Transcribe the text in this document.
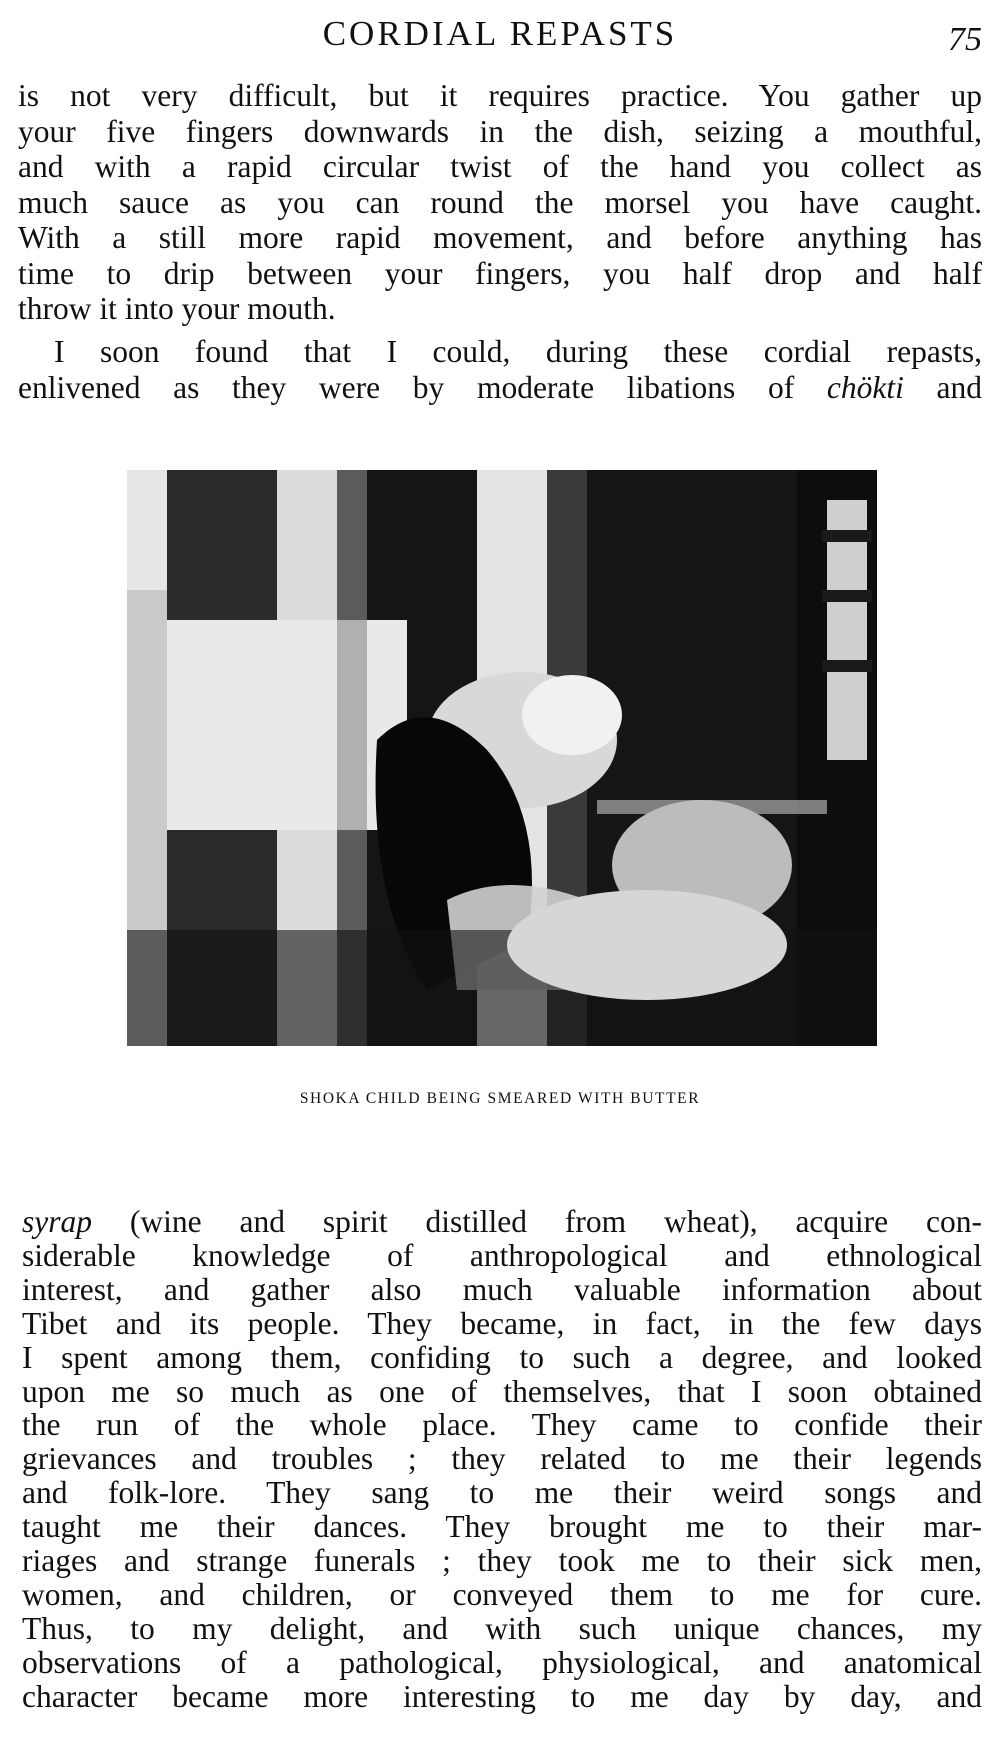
CORDIAL REPASTS	75
is not very difficult, but it requires practice. You gather up
your five fingers downwards in the dish, seizing a mouthful,
and with a rapid circular twist of the hand you collect as
much sauce as you can round the morsel you have caught.
With a still more rapid movement, and before anything has
time to drip between your fingers, you half drop and half
throw it into your mouth.
I soon found that I could, during these cordial repasts,
enlivened as they were by moderate libations of chökti and
SHOKA CHILD BEING SMEARED WITH BUTTER
syrap (wine and spirit distilled from wheat), acquire con-
siderable knowledge of anthropological and ethnological
interest, and gather also much valuable information about
Tibet and its people. They became, in fact, in the few days
I spent among them, confiding to such a degree, and looked
upon me so much as one of themselves, that I soon obtained
the run of the whole place. They came to confide their
grievances and troubles ; they related to me their legends
and folk-lore. They sang to me their weird songs and
taught me their dances. They brought me to their mar-
riages and strange funerals ; they took me to their sick men,
women, and children, or conveyed them to me for cure.
Thus, to my delight, and with such unique chances, my
observations of a pathological, physiological, and anatomical
character became more interesting to me day by day, and
